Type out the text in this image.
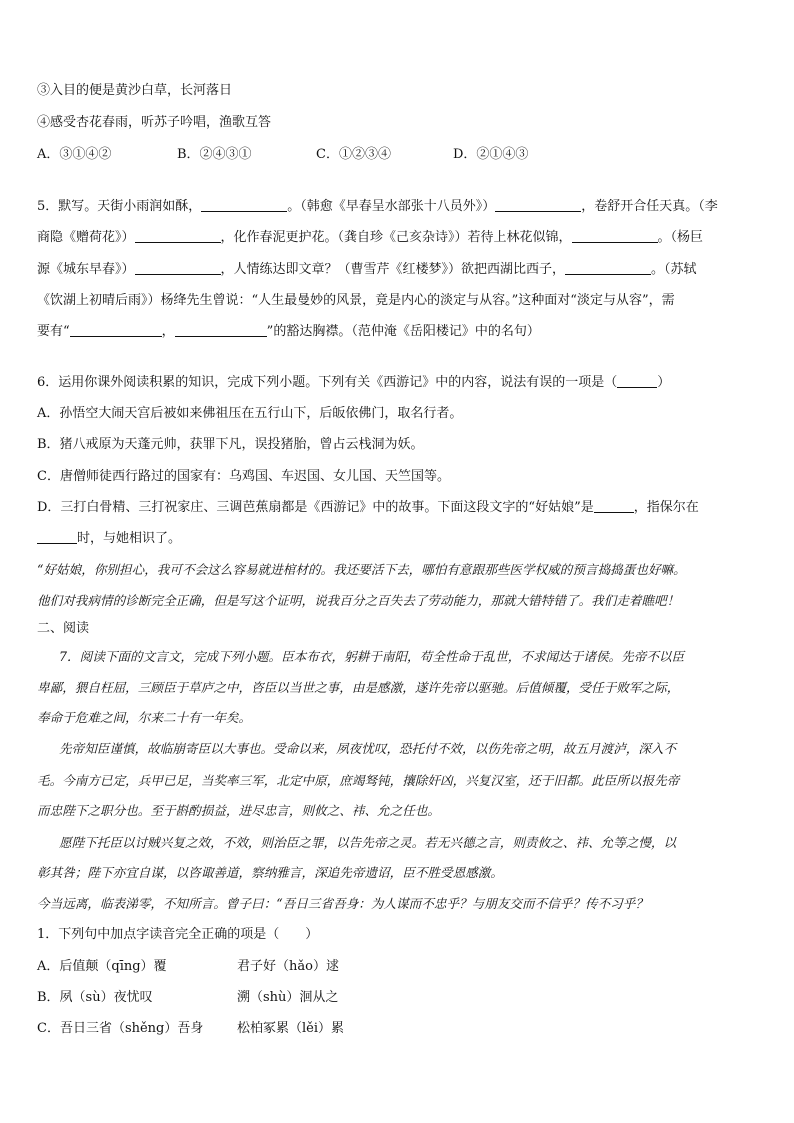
③入目的便是黄沙白草，长河落日
④感受杏花春雨，听苏子吟唱，渔歌互答
A．③①④②	B．②④③①	C．①②③④	D．②①④③
5．默写。天街小雨润如酥，	。（韩愈《早春呈水部张十八员外》）	，卷舒开合任天真。（李
商隐《赠荷花》）	，化作春泥更护花。（龚自珍《己亥杂诗》）若待上林花似锦，	。（杨巨
源《城东早春》）	，人情练达即文章？（曹雪芹《红楼梦》）欲把西湖比西子，	。（苏轼
《饮湖上初晴后雨》）杨绛先生曾说：“人生最曼妙的风景，竟是内心的淡定与从容。”这种面对“淡定与从容”，需
要有“	，	”的豁达胸襟。（范仲淹《岳阳楼记》中的名句）
6．运用你课外阅读积累的知识，完成下列小题。下列有关《西游记》中的内容，说法有误的一项是（	）
A．孙悟空大闹天宫后被如来佛祖压在五行山下，后皈依佛门，取名行者。
B．猪八戒原为天蓬元帅，获罪下凡，误投猪胎，曾占云栈洞为妖。
C．唐僧师徒西行路过的国家有：乌鸡国、车迟国、女儿国、天竺国等。
D．三打白骨精、三打祝家庄、三调芭蕉扇都是《西游记》中的故事。下面这段文字的“好姑娘”是	，指保尔在
时，与她相识了。
“好姑娘，你别担心，我可不会这么容易就进棺材的。我还要活下去，哪怕有意跟那些医学权威的预言捣捣蛋也好嘛。
他们对我病情的诊断完全正确，但是写这个证明，说我百分之百失去了劳动能力，那就大错特错了。我们走着瞧吧！
二、阅读
7．阅读下面的文言文，完成下列小题。臣本布衣，躬耕于南阳，苟全性命于乱世，不求闻达于诸侯。先帝不以臣
卑鄙，猥自枉屈，三顾臣于草庐之中，咨臣以当世之事，由是感激，遂许先帝以驱驰。后值倾覆，受任于败军之际，
奉命于危难之间，尔来二十有一年矣。
先帝知臣谨慎，故临崩寄臣以大事也。受命以来，夙夜忧叹，恐托付不效，以伤先帝之明，故五月渡泸，深入不
毛。今南方已定，兵甲已足，当奖率三军，北定中原，庶竭驽钝，攘除奸凶，兴复汉室，还于旧都。此臣所以报先帝
而忠陛下之职分也。至于斟酌损益，进尽忠言，则攸之、祎、允之任也。
愿陛下托臣以讨贼兴复之效，不效，则治臣之罪，以告先帝之灵。若无兴德之言，则责攸之、祎、允等之慢，以
彰其咎；陛下亦宜自谋，以咨诹善道，察纳雅言，深追先帝遗诏，臣不胜受恩感激。
今当远离，临表涕零，不知所言。曾子曰：“吾日三省吾身：为人谋而不忠乎？与朋友交而不信乎？传不习乎？
1．下列句中加点字读音完全正确的项是（　　）
A．后值颠（qīng）覆	君子好（hǎo）逑
B．夙（sù）夜忧叹	溯（shù）洄从之
C．吾日三省（shěng）吾身	松柏冢累（lěi）累
